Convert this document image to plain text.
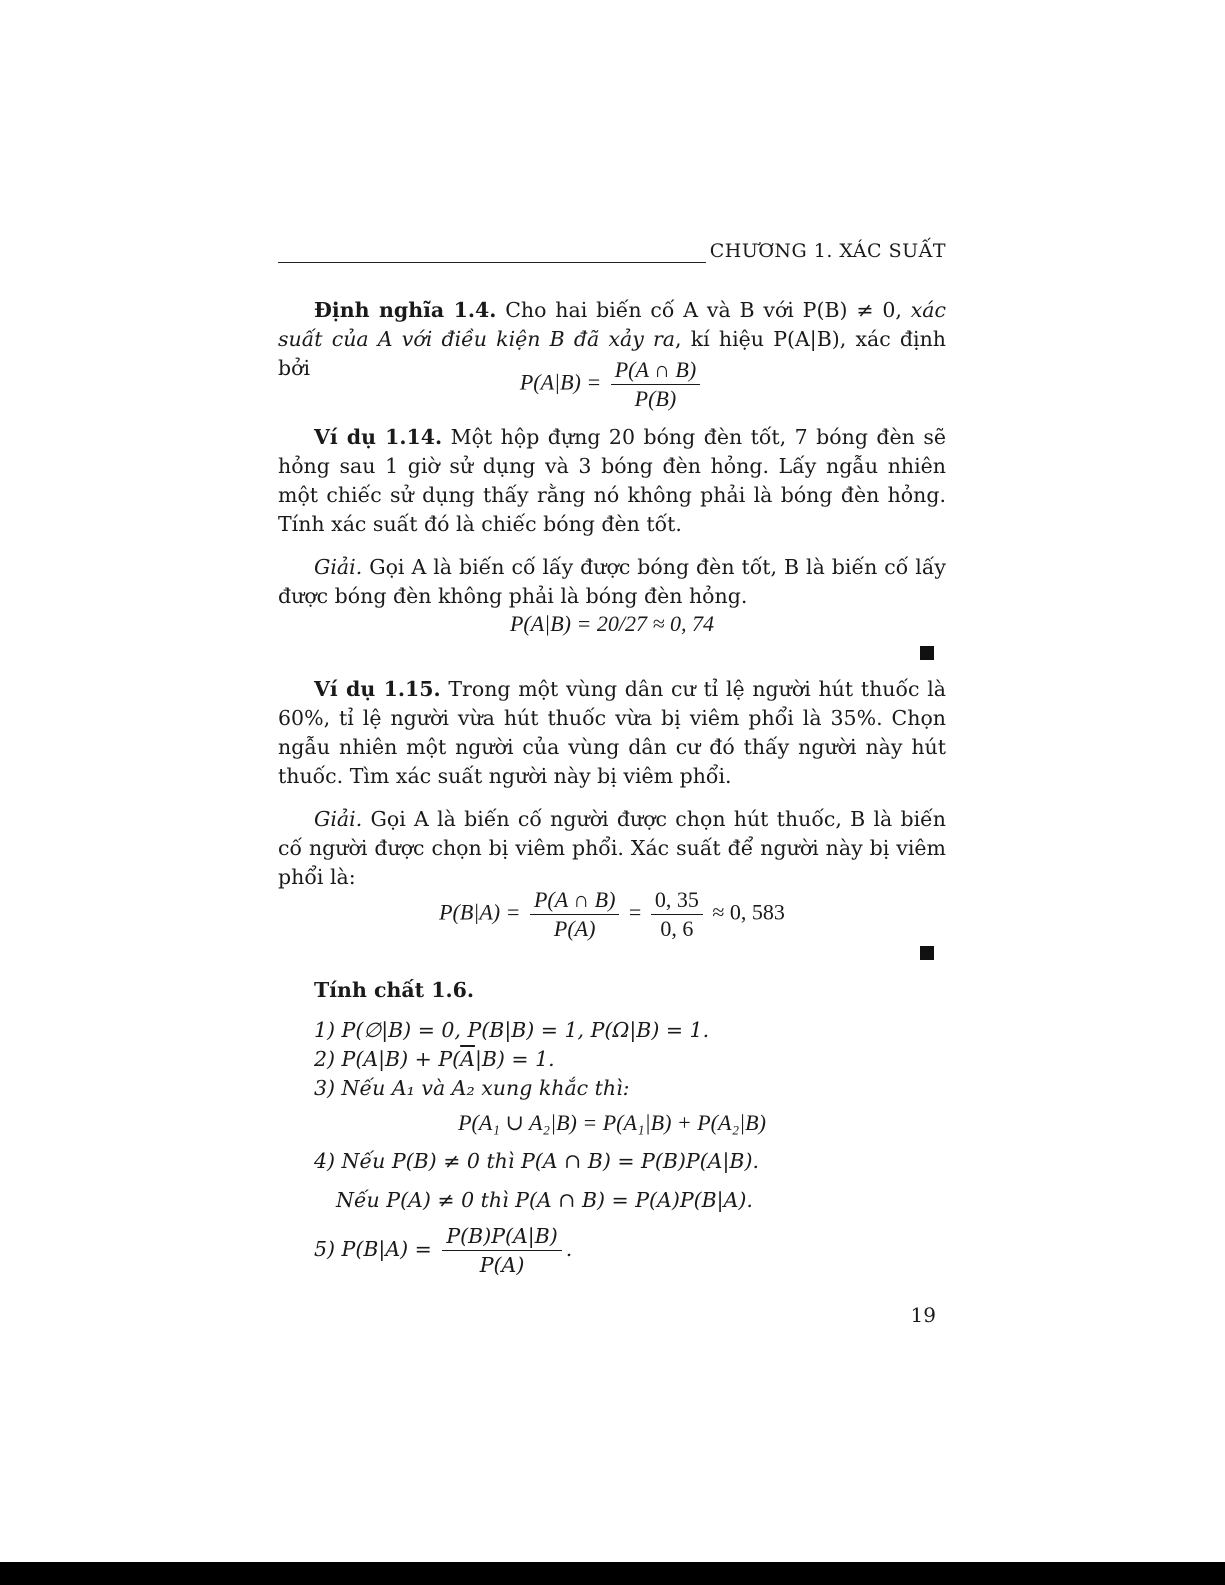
CHƯƠNG 1. XÁC SUẤT
Định nghĩa 1.4. Cho hai biến cố A và B với P(B) ≠ 0, xác suất của A với điều kiện B đã xảy ra, kí hiệu P(A|B), xác định bởi
$P(A|B) = \frac{P(A \cap B)}{P(B)}$
Ví dụ 1.14. Một hộp đựng 20 bóng đèn tốt, 7 bóng đèn sẽ hỏng sau 1 giờ sử dụng và 3 bóng đèn hỏng. Lấy ngẫu nhiên một chiếc sử dụng thấy rằng nó không phải là bóng đèn hỏng. Tính xác suất đó là chiếc bóng đèn tốt.
Giải. Gọi A là biến cố lấy được bóng đèn tốt, B là biến cố lấy được bóng đèn không phải là bóng đèn hỏng.
P(A|B) = 20/27 ≈ 0, 74
Ví dụ 1.15. Trong một vùng dân cư tỉ lệ người hút thuốc là 60%, tỉ lệ người vừa hút thuốc vừa bị viêm phổi là 35%. Chọn ngẫu nhiên một người của vùng dân cư đó thấy người này hút thuốc. Tìm xác suất người này bị viêm phổi.
Giải. Gọi A là biến cố người được chọn hút thuốc, B là biến cố người được chọn bị viêm phổi. Xác suất để người này bị viêm phổi là:
$P(B|A) = \frac{P(A \cap B)}{P(A)} = \frac{0, 35}{0, 6} \approx 0$, 583
Tính chất 1.6.
1) P(∅|B) = 0, P(B|B) = 1, P(Ω|B) = 1.
2) $P(A|B) + P(\overline{A}|B) = 1$.
3) Nếu A₁ và A₂ xung khắc thì:
P(A₁ ∪ A₂|B) = P(A₁|B) + P(A₂|B)
4) Nếu P(B) ≠ 0 thì P(A ∩ B) = P(B)P(A|B).
Nếu P(A) ≠ 0 thì P(A ∩ B) = P(A)P(B|A).
5) $P(B|A) = \frac{P(B)P(A|B)}{P(A)}$ .
19
